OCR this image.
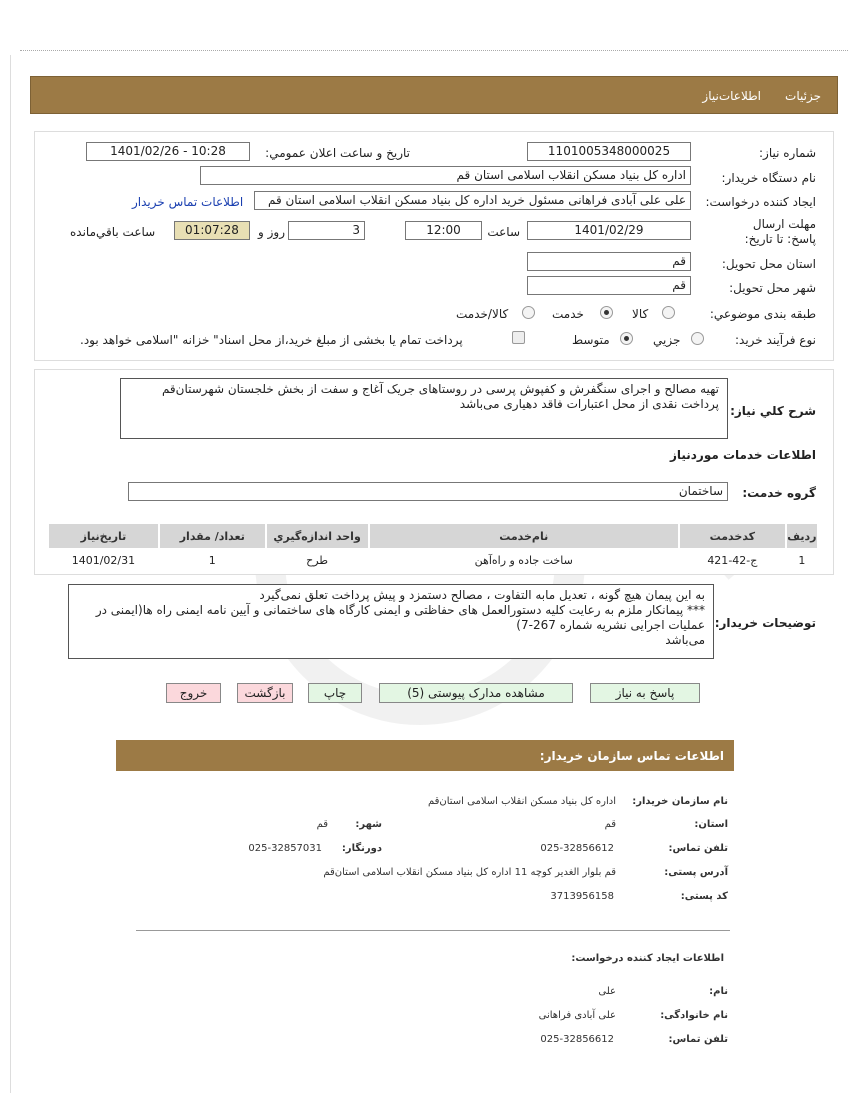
جزئیات
اطلاعات‌نیاز
شماره نیاز:
1101005348000025
تاریخ و ساعت اعلان عمومي:
1401/02/26 - 10:28
نام دستگاه خريدار:
اداره کل بنیاد مسکن انقلاب اسلامی استان قم
ايجاد کننده درخواست:
علی علی آبادی فراهانی مسئول خرید اداره کل بنیاد مسکن انقلاب اسلامی استان قم
اطلاعات تماس خريدار
مهلت ارسال پاسخ: تا تاريخ:
1401/02/29
ساعت
12:00
3
روز و
01:07:28
ساعت باقي‌مانده
استان محل تحويل:
قم
شهر محل تحويل:
قم
طبقه بندی موضوعي:
کالا
خدمت
کالا/خدمت
نوع فرآيند خريد:
جزيي
متوسط
پرداخت تمام يا بخشی از مبلغ خريد،از محل اسناد" خزانه "اسلامی خواهد بود.
شرح کلي نياز:
تهیه مصالح و اجرای سنگفرش و کفپوش پرسی در روستاهای جریک آغاج و سفت از بخش خلجستان شهرستان‌قم
پرداخت نقدی از محل اعتبارات فاقد دهیاری می‌باشد
اطلاعات خدمات موردنياز
گروه خدمت:
ساختمان
رديف	کدخدمت	نام‌خدمت	واحد اندازه‌گيري	تعداد/ مقدار	تاريخ‌نياز
1	ج-42-421	ساخت جاده و راه‌آهن	طرح	1	1401/02/31
توضيحات خريدار:
به این پیمان هیچ گونه ، تعدیل مابه التفاوت ، مصالح دستمزد و پیش پرداخت تعلق نمی‌گیرد
*** پیمانکار ملزم به رعایت کلیه دستورالعمل های حفاظتی و ایمنی کارگاه های ساختمانی و آیین نامه ایمنی راه ها(ایمنی در عملیات اجرایی نشریه شماره 267-7)
می‌باشد
پاسخ به نياز
مشاهده مدارک پيوستی (5)
چاپ
بازگشت
خروج
اطلاعات تماس سازمان خريدار:
نام سازمان خريدار:
اداره کل بنیاد مسکن انقلاب اسلامی استان‌قم
استان:
قم
شهر:
قم
تلفن تماس:
025-32856612
دورنگار:
025-32857031
آدرس پستی:
قم بلوار الغدیر کوچه 11 اداره کل بنیاد مسکن انقلاب اسلامی استان‌قم
کد پستی:
3713956158
اطلاعات ایجاد کننده درخواست:
نام:
علی
نام خانوادگی:
علی آبادی فراهانی
تلفن تماس:
025-32856612
